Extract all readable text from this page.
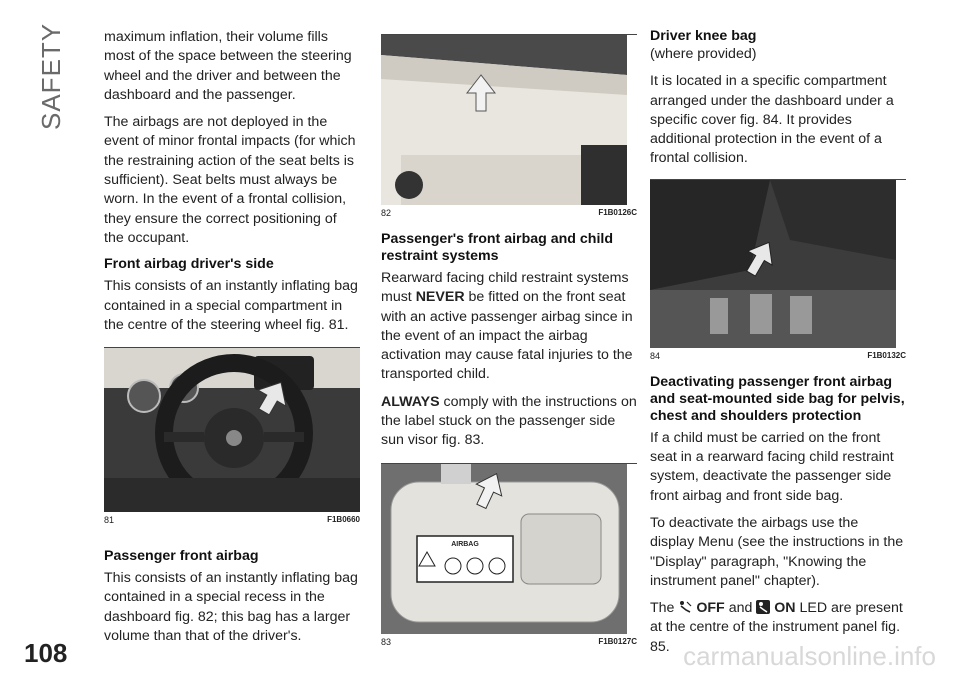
SAFETY
108	carmanualsonline.info

maximum inflation, their volume fills most of the space between the steering wheel and the driver and between the dashboard and the passenger.

The airbags are not deployed in the event of minor frontal impacts (for which the restraining action of the seat belts is sufficient). Seat belts must always be worn. In the event of a frontal collision, they ensure the correct positioning of the occupant.

Front airbag driver's side

This consists of an instantly inflating bag contained in a special compartment in the centre of the steering wheel fig. 81.

81	F1B0660
Passenger front airbag

This consists of an instantly inflating bag contained in a special recess in the dashboard fig. 82; this bag has a larger volume than that of the driver's.

82	F1B0126C
Passenger's front airbag and child restraint systems

Rearward facing child restraint systems must NEVER be fitted on the front seat with an active passenger airbag since in the event of an impact the airbag activation may cause fatal injuries to the transported child.

ALWAYS comply with the instructions on the label stuck on the passenger side sun visor fig. 83.

AIRBAG
83	F1B0127C
Driver knee bag
(where provided)

It is located in a specific compartment arranged under the dashboard under a specific cover fig. 84. It provides additional protection in the event of a frontal collision.

84	F1B0132C
Deactivating passenger front airbag and seat-mounted side bag for pelvis, chest and shoulders protection

If a child must be carried on the front seat in a rearward facing child restraint system, deactivate the passenger side front airbag and front side bag.

To deactivate the airbags use the display Menu (see the instructions in the "Display" paragraph, "Knowing the instrument panel" chapter).

The OFF and ON LED are present at the centre of the instrument panel fig. 85.
